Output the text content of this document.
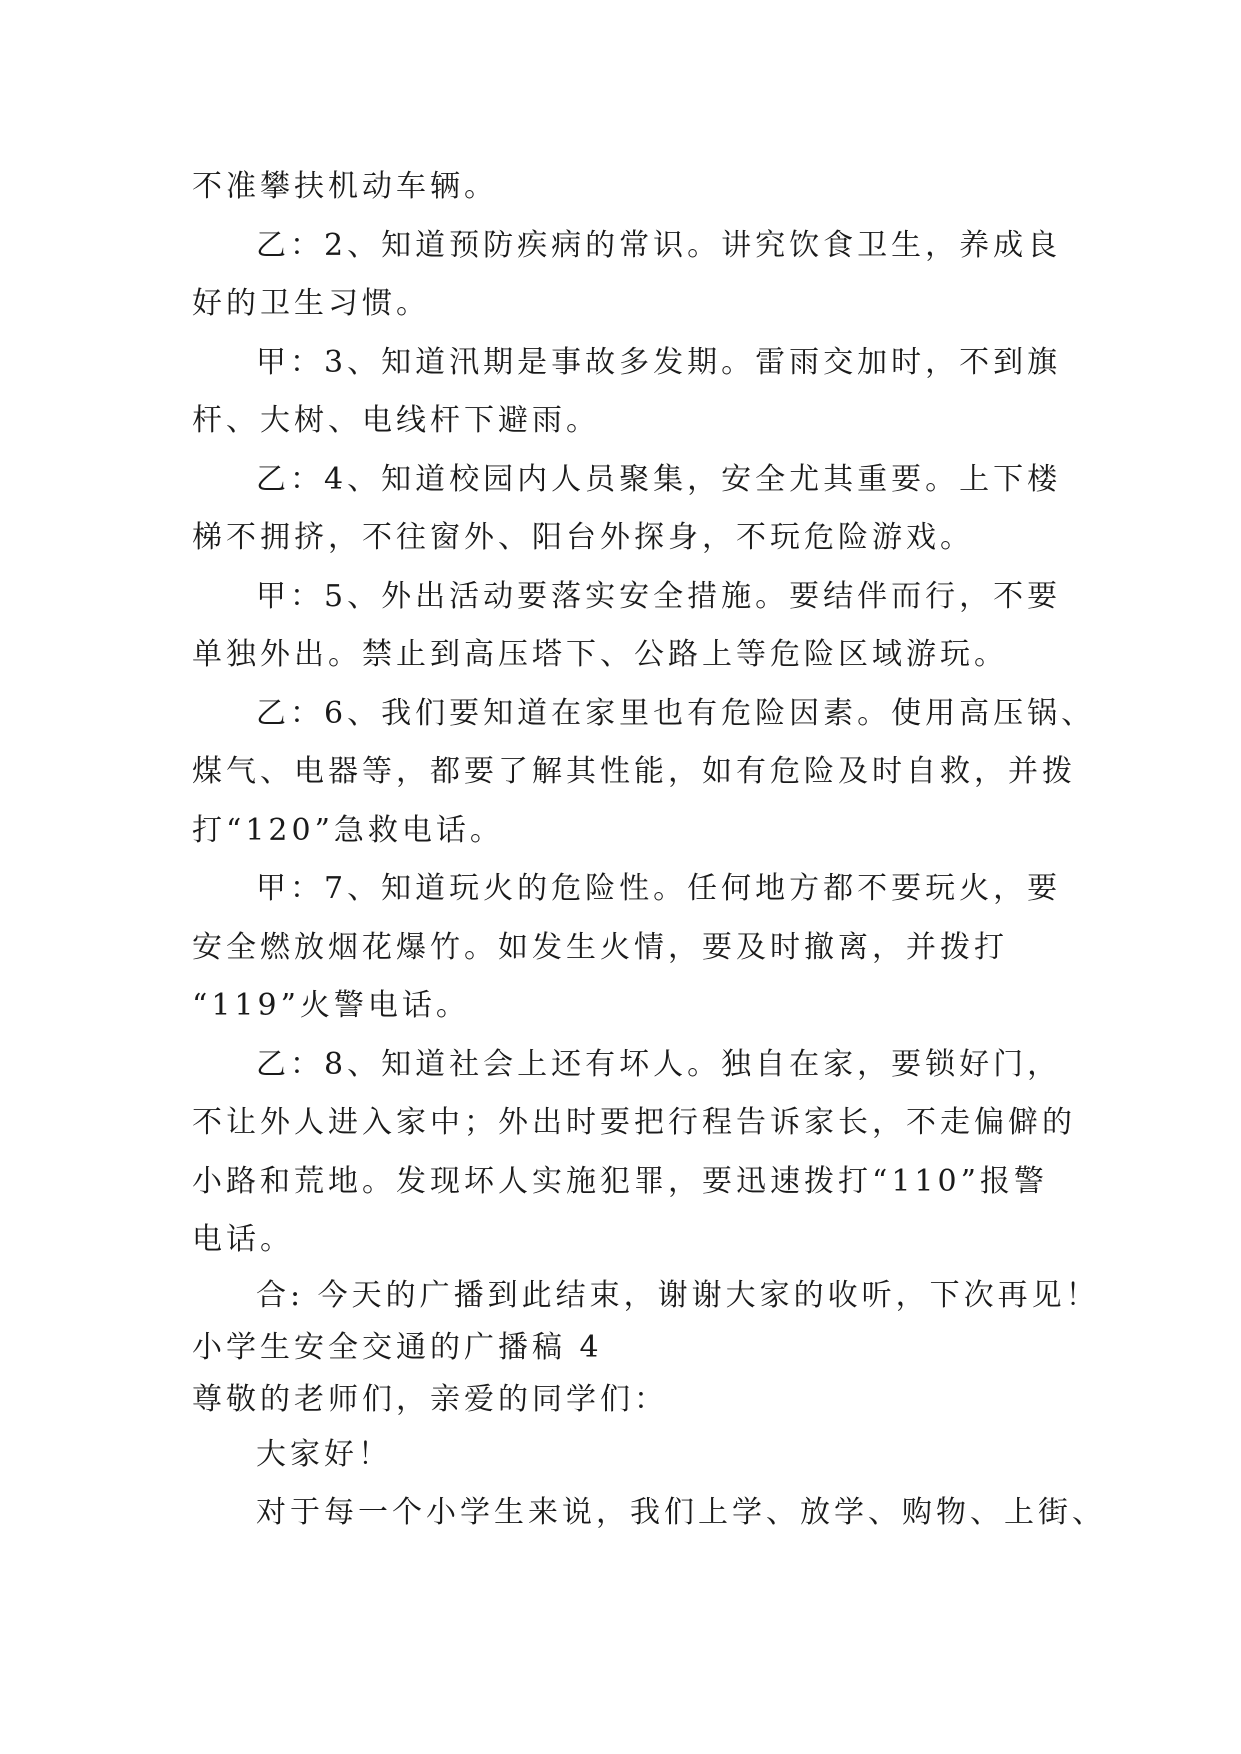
不准攀扶机动车辆。

乙：2、知道预防疾病的常识。讲究饮食卫生，养成良

好的卫生习惯。

甲：3、知道汛期是事故多发期。雷雨交加时，不到旗

杆、大树、电线杆下避雨。

乙：4、知道校园内人员聚集，安全尤其重要。上下楼

梯不拥挤，不往窗外、阳台外探身，不玩危险游戏。

甲：5、外出活动要落实安全措施。要结伴而行，不要

单独外出。禁止到高压塔下、公路上等危险区域游玩。

乙：6、我们要知道在家里也有危险因素。使用高压锅、

煤气、电器等，都要了解其性能，如有危险及时自救，并拨

打“120”急救电话。

甲：7、知道玩火的危险性。任何地方都不要玩火，要

安全燃放烟花爆竹。如发生火情，要及时撤离，并拨打

“119”火警电话。

乙：8、知道社会上还有坏人。独自在家，要锁好门，

不让外人进入家中；外出时要把行程告诉家长，不走偏僻的

小路和荒地。发现坏人实施犯罪，要迅速拨打“110”报警

电话。

合: 今天的广播到此结束，谢谢大家的收听，下次再见！

小学生安全交通的广播稿 4

尊敬的老师们，亲爱的同学们：

大家好！

对于每一个小学生来说，我们上学、放学、购物、上街、
